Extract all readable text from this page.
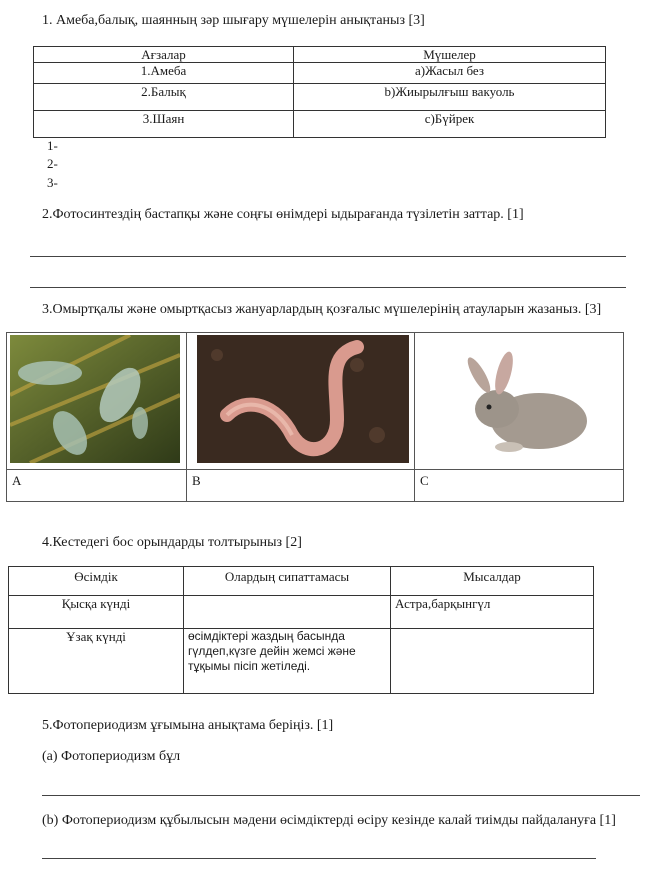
1. Амеба,балық, шаянның зәр шығару мүшелерін анықтаныз [3]
Ағзалар	Мүшелер
1.Амеба	а)Жасыл без
2.Балық	b)Жиырылғыш вакуоль
3.Шаян	с)Бүйрек
1-
2-
3-
2.Фотосинтездің бастапқы және соңғы өнімдері ыдырағанда түзілетін заттар. [1]
3.Омыртқалы және омыртқасыз жануарлардың қозғалыс мүшелерінің атауларын жазаныз. [3]
A	B	C
4.Кестедегі бос орындарды толтырыныз [2]
Өсімдік	Олардың сипаттамасы	Мысалдар
Қысқа күнді		Астра,барқынгүл
Ұзақ күнді	өсімдіктері жаздың басында гүлдеп,күзге дейін жемсі және тұқымы пісіп жетіледі.	
5.Фотопериодизм ұғымына анықтама беріңіз. [1]
(a) Фотопериодизм бұл
(b) Фотопериодизм құбылысын мәдени өсімдіктерді өсіру кезінде калай тиімды пайдалануға [1]
